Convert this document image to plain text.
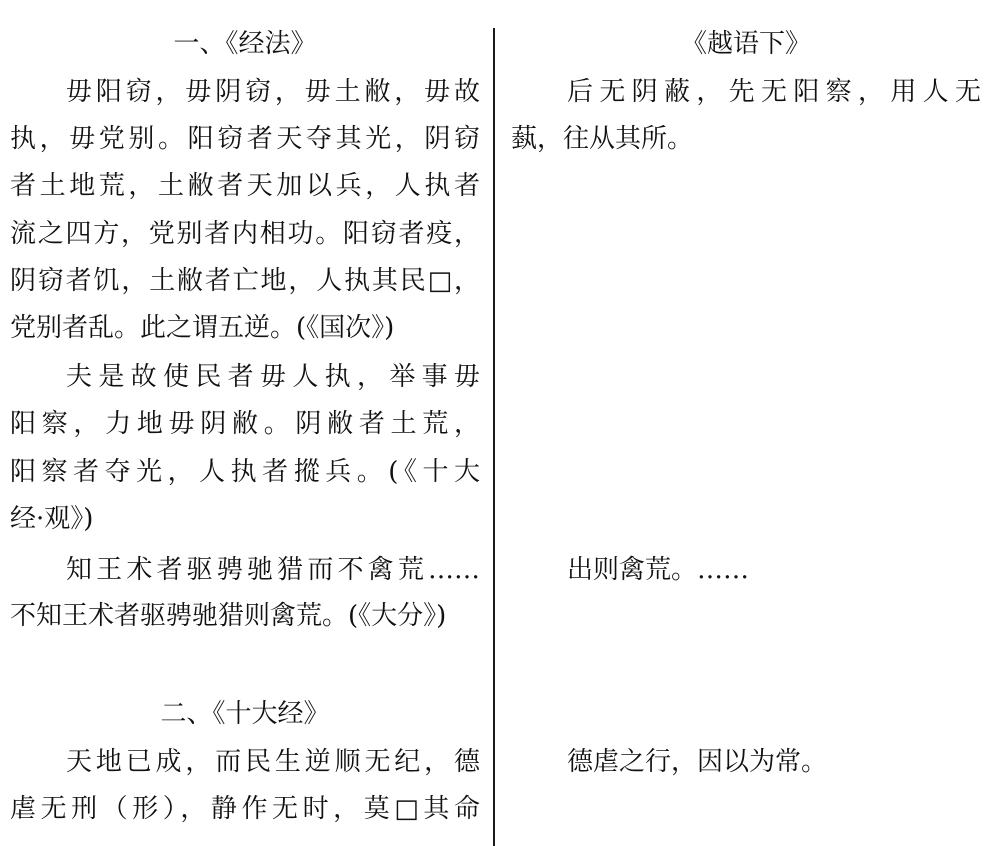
一、《经法》
毋阳窃，毋阴窃，毋土敝，毋故
执，毋党别。阳窃者天夺其光，阴窃
者土地荒，土敝者天加以兵，人执者
流之四方，党别者内相功。阳窃者疫，
阴窃者饥，土敝者亡地，人执其民□，
党别者乱。此之谓五逆。(《国次》)
夫是故使民者毋人执，举事毋
阳察，力地毋阴敝。阴敝者土荒，
阳察者夺光，人执者摐兵。(《十大
经·观》)
知王术者驱骋驰猎而不禽荒……
不知王术者驱骋驰猎则禽荒。(《大分》)
二、《十大经》
天地已成，而民生逆顺无纪，德
虐无刑（形），静作无时，莫□其命
《越语下》
后无阴蔽，先无阳察，用人无
蓺，往从其所。
出则禽荒。……
德虐之行，因以为常。
